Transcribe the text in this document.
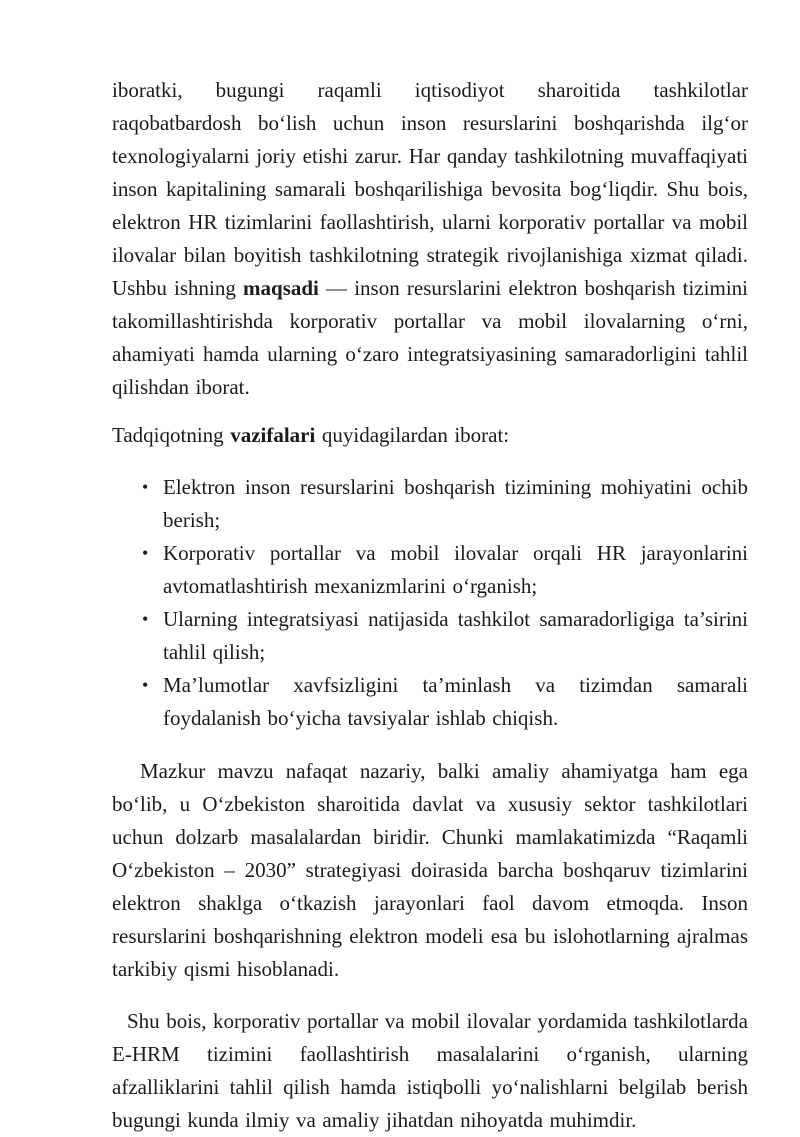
iboratki, bugungi raqamli iqtisodiyot sharoitida tashkilotlar raqobatbardosh bo‘lish uchun inson resurslarini boshqarishda ilg‘or texnologiyalarni joriy etishi zarur. Har qanday tashkilotning muvaffaqiyati inson kapitalining samarali boshqarilishiga bevosita bog‘liqdir. Shu bois, elektron HR tizimlarini faollashtirish, ularni korporativ portallar va mobil ilovalar bilan boyitish tashkilotning strategik rivojlanishiga xizmat qiladi. Ushbu ishning maqsadi — inson resurslarini elektron boshqarish tizimini takomillashtirishda korporativ portallar va mobil ilovalarning o‘rni, ahamiyati hamda ularning o‘zaro integratsiyasining samaradorligini tahlil qilishdan iborat.

Tadqiqotning vazifalari quyidagilardan iborat:

• Elektron inson resurslarini boshqarish tizimining mohiyatini ochib berish;
• Korporativ portallar va mobil ilovalar orqali HR jarayonlarini avtomatlashtirish mexanizmlarini o‘rganish;
• Ularning integratsiyasi natijasida tashkilot samaradorligiga ta’sirini tahlil qilish;
• Ma’lumotlar xavfsizligini ta’minlash va tizimdan samarali foydalanish bo‘yicha tavsiyalar ishlab chiqish.

Mazkur mavzu nafaqat nazariy, balki amaliy ahamiyatga ham ega bo‘lib, u O‘zbekiston sharoitida davlat va xususiy sektor tashkilotlari uchun dolzarb masalalardan biridir. Chunki mamlakatimizda “Raqamli O‘zbekiston – 2030” strategiyasi doirasida barcha boshqaruv tizimlarini elektron shaklga o‘tkazish jarayonlari faol davom etmoqda. Inson resurslarini boshqarishning elektron modeli esa bu islohotlarning ajralmas tarkibiy qismi hisoblanadi.

Shu bois, korporativ portallar va mobil ilovalar yordamida tashkilotlarda E-HRM tizimini faollashtirish masalalarini o‘rganish, ularning afzalliklarini tahlil qilish hamda istiqbolli yo‘nalishlarni belgilab berish bugungi kunda ilmiy va amaliy jihatdan nihoyatda muhimdir.
